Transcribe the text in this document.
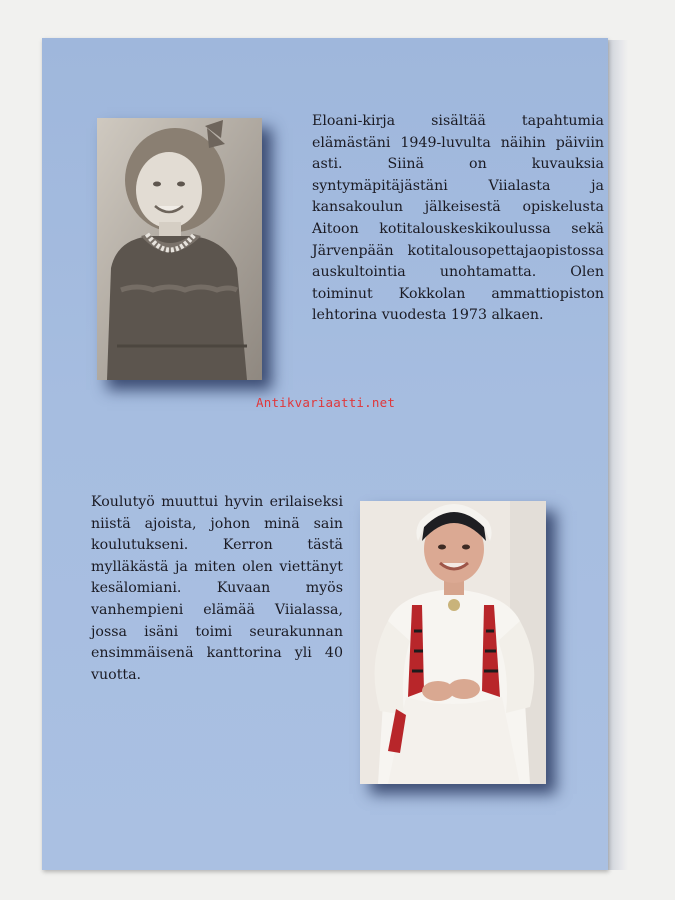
Eloani-kirja sisältää tapahtumia elämästäni 1949-luvulta näihin päiviin asti. Siinä on kuvauksia syntymäpitäjästäni Viialasta ja kansakoulun jälkeisestä opiskelusta Aitoon kotitalouskeskikoulussa sekä Järvenpään kotitalousopettajaopistossa auskultointia unohtamatta. Olen toiminut Kokkolan ammattiopiston lehtorina vuodesta 1973 alkaen.

Antikvariaatti.net

Koulutyö muuttui hyvin erilaiseksi niistä ajoista, johon minä sain koulutukseni. Kerron tästä mylläkästä ja miten olen viettänyt kesälomiani. Kuvaan myös vanhempieni elämää Viialassa, jossa isäni toimi seurakunnan ensimmäisenä kanttorina yli 40 vuotta.
